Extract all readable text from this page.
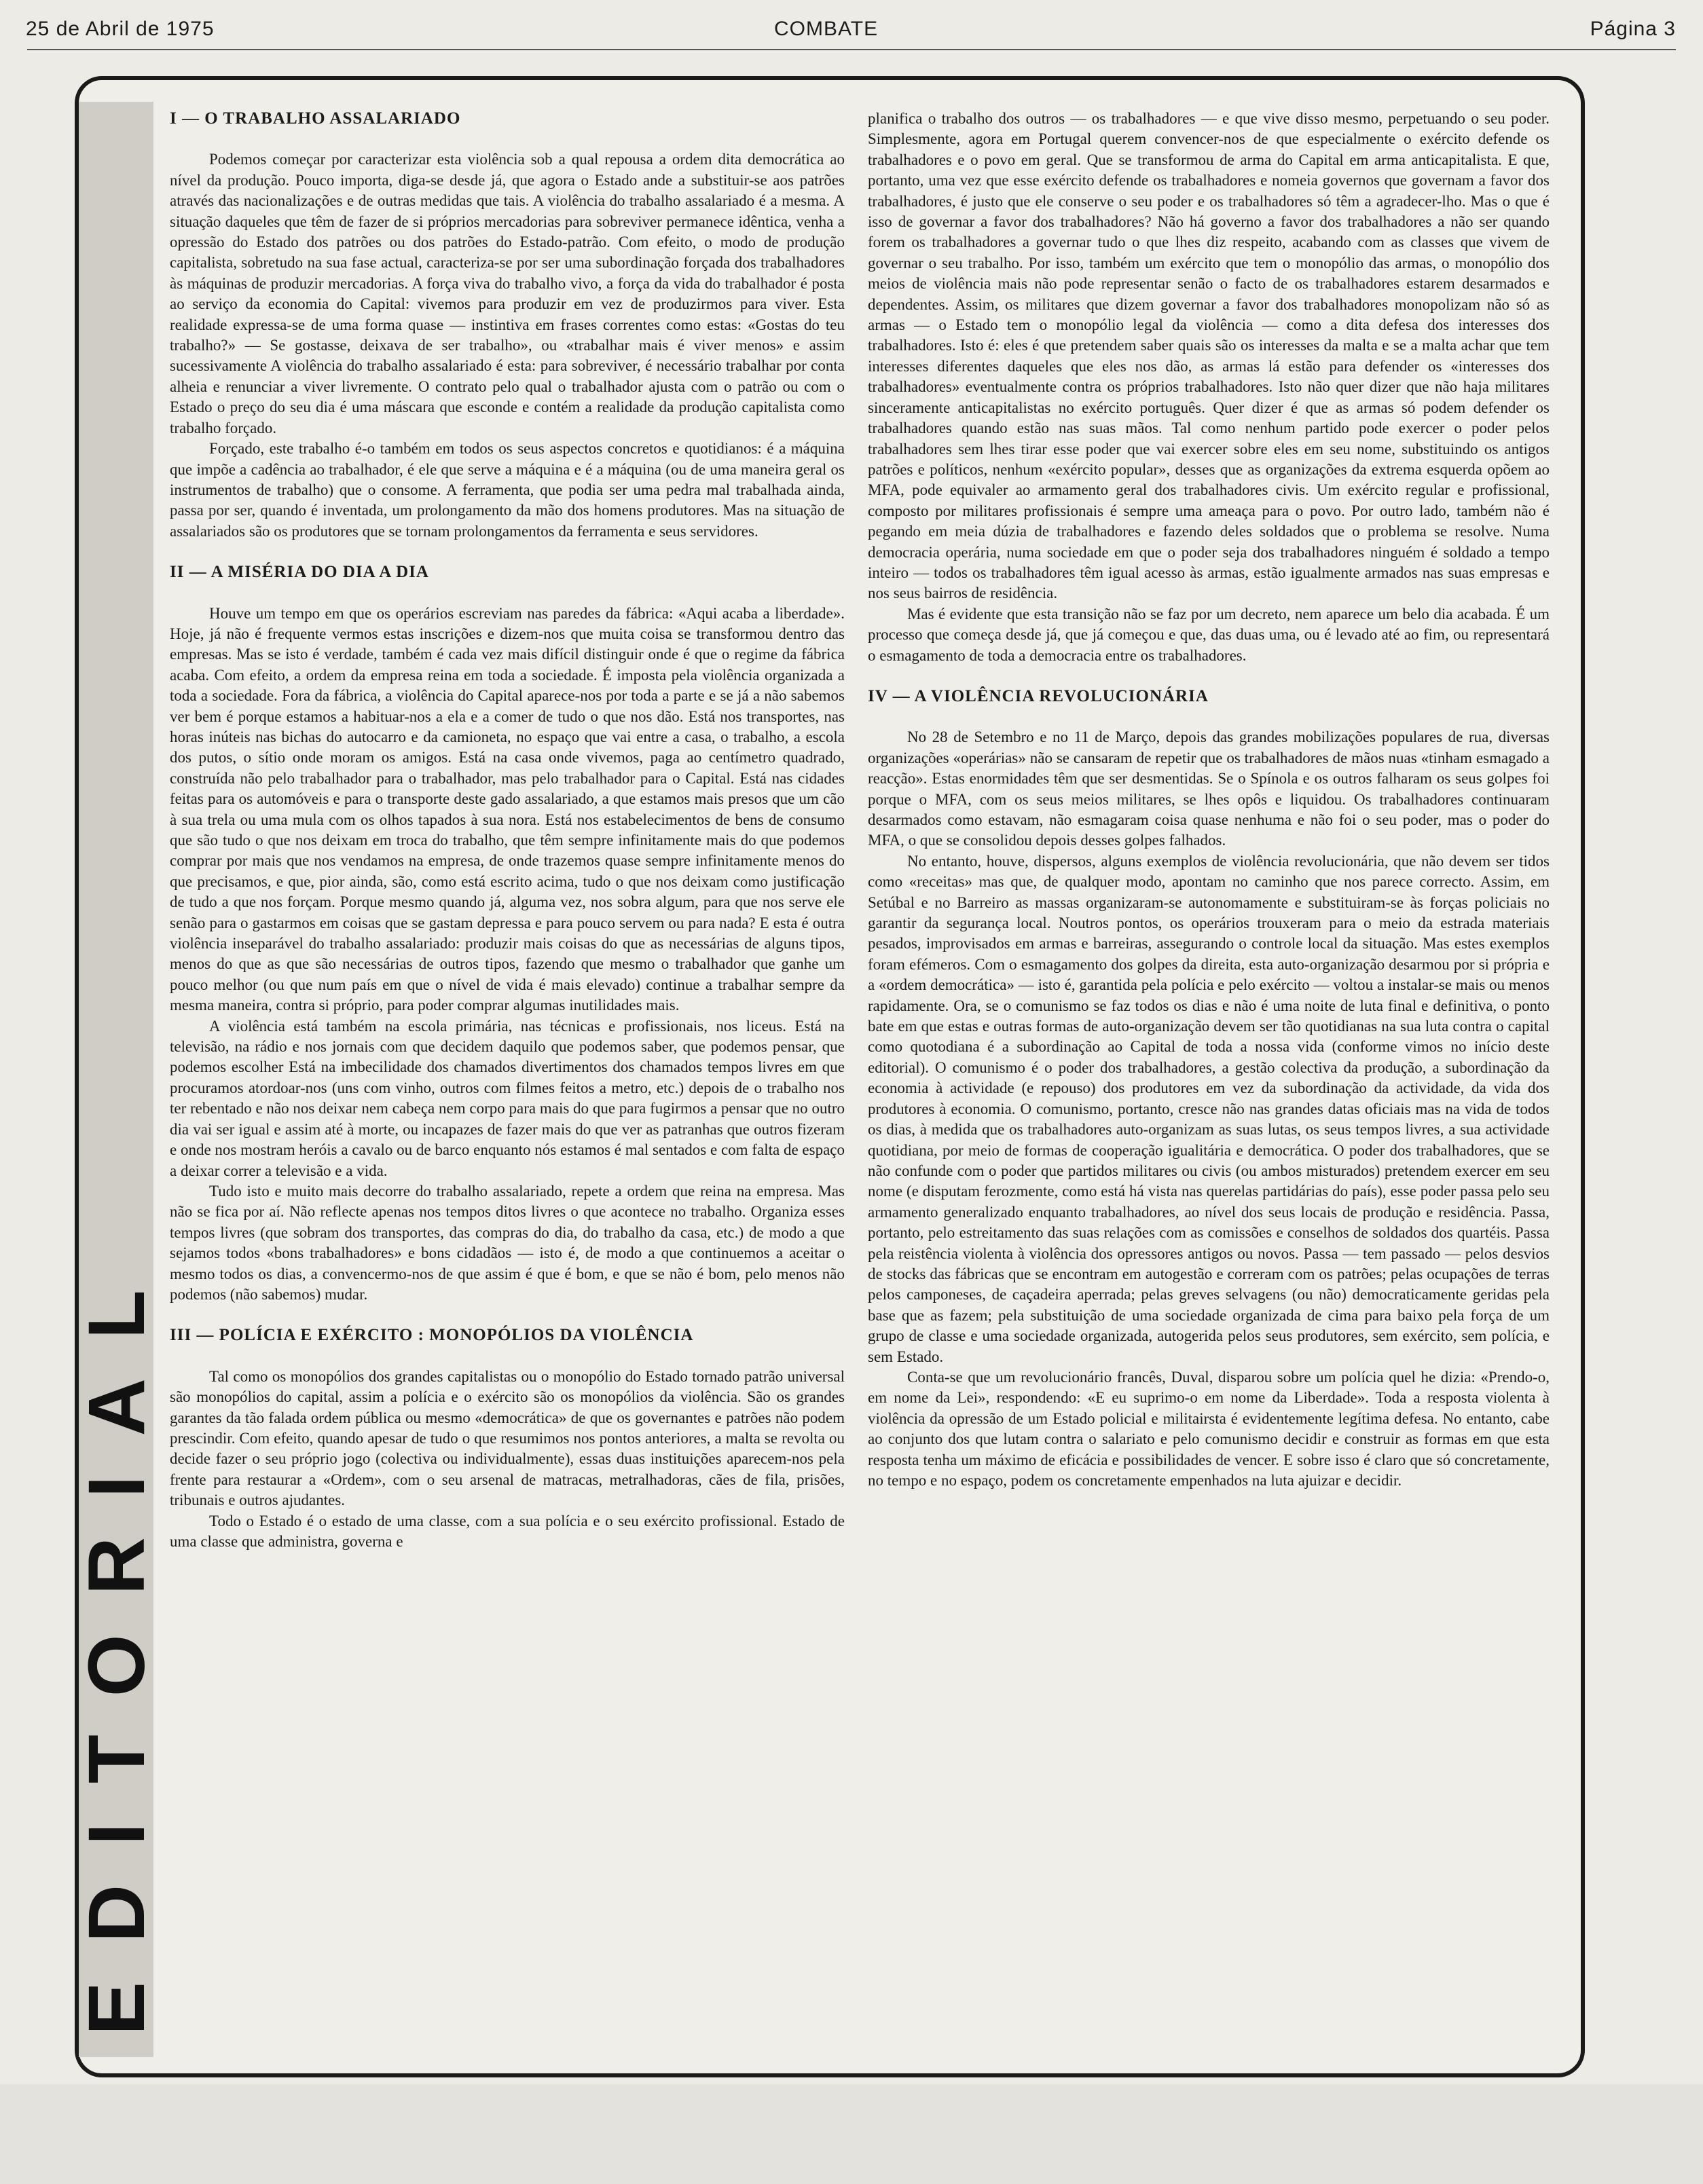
25 de Abril de 1975	COMBATE	Página 3
EDITORIAL

I — O TRABALHO ASSALARIADO

Podemos começar por caracterizar esta violência sob a qual repousa a ordem dita democrática ao nível da produção. Pouco importa, diga-se desde já, que agora o Estado ande a substituir-se aos patrões através das nacionalizações e de outras medidas que tais. A violência do trabalho assalariado é a mesma. A situação daqueles que têm de fazer de si próprios mercadorias para sobreviver permanece idêntica, venha a opressão do Estado dos patrões ou dos patrões do Estado-patrão. Com efeito, o modo de produção capitalista, sobretudo na sua fase actual, caracteriza-se por ser uma subordinação forçada dos trabalhadores às máquinas de produzir mercadorias. A força viva do trabalho vivo, a força da vida do trabalhador é posta ao serviço da economia do Capital: vivemos para produzir em vez de produzirmos para viver. Esta realidade expressa-se de uma forma quase — instintiva em frases correntes como estas: «Gostas do teu trabalho?» — Se gostasse, deixava de ser trabalho», ou «trabalhar mais é viver menos» e assim sucessivamente A violência do trabalho assalariado é esta: para sobreviver, é necessário trabalhar por conta alheia e renunciar a viver livremente. O contrato pelo qual o trabalhador ajusta com o patrão ou com o Estado o preço do seu dia é uma máscara que esconde e contém a realidade da produção capitalista como trabalho forçado.

Forçado, este trabalho é-o também em todos os seus aspectos concretos e quotidianos: é a máquina que impõe a cadência ao trabalhador, é ele que serve a máquina e é a máquina (ou de uma maneira geral os instrumentos de trabalho) que o consome. A ferramenta, que podia ser uma pedra mal trabalhada ainda, passa por ser, quando é inventada, um prolongamento da mão dos homens produtores. Mas na situação de assalariados são os produtores que se tornam prolongamentos da ferramenta e seus servidores.

II — A MISÉRIA DO DIA A DIA

Houve um tempo em que os operários escreviam nas paredes da fábrica: «Aqui acaba a liberdade». Hoje, já não é frequente vermos estas inscrições e dizem-nos que muita coisa se transformou dentro das empresas. Mas se isto é verdade, também é cada vez mais difícil distinguir onde é que o regime da fábrica acaba. Com efeito, a ordem da empresa reina em toda a sociedade. É imposta pela violência organizada a toda a sociedade. Fora da fábrica, a violência do Capital aparece-nos por toda a parte e se já a não sabemos ver bem é porque estamos a habituar-nos a ela e a comer de tudo o que nos dão. Está nos transportes, nas horas inúteis nas bichas do autocarro e da camioneta, no espaço que vai entre a casa, o trabalho, a escola dos putos, o sítio onde moram os amigos. Está na casa onde vivemos, paga ao centímetro quadrado, construída não pelo trabalhador para o trabalhador, mas pelo trabalhador para o Capital. Está nas cidades feitas para os automóveis e para o transporte deste gado assalariado, a que estamos mais presos que um cão à sua trela ou uma mula com os olhos tapados à sua nora. Está nos estabelecimentos de bens de consumo que são tudo o que nos deixam em troca do trabalho, que têm sempre infinitamente mais do que podemos comprar por mais que nos vendamos na empresa, de onde trazemos quase sempre infinitamente menos do que precisamos, e que, pior ainda, são, como está escrito acima, tudo o que nos deixam como justificação de tudo a que nos forçam. Porque mesmo quando já, alguma vez, nos sobra algum, para que nos serve ele senão para o gastarmos em coisas que se gastam depressa e para pouco servem ou para nada? E esta é outra violência inseparável do trabalho assalariado: produzir mais coisas do que as necessárias de alguns tipos, menos do que as que são necessárias de outros tipos, fazendo que mesmo o trabalhador que ganhe um pouco melhor (ou que num país em que o nível de vida é mais elevado) continue a trabalhar sempre da mesma maneira, contra si próprio, para poder comprar algumas inutilidades mais.

A violência está também na escola primária, nas técnicas e profissionais, nos liceus. Está na televisão, na rádio e nos jornais com que decidem daquilo que podemos saber, que podemos pensar, que podemos escolher Está na imbecilidade dos chamados divertimentos dos chamados tempos livres em que procuramos atordoar-nos (uns com vinho, outros com filmes feitos a metro, etc.) depois de o trabalho nos ter rebentado e não nos deixar nem cabeça nem corpo para mais do que para fugirmos a pensar que no outro dia vai ser igual e assim até à morte, ou incapazes de fazer mais do que ver as patranhas que outros fizeram e onde nos mostram heróis a cavalo ou de barco enquanto nós estamos é mal sentados e com falta de espaço a deixar correr a televisão e a vida.

Tudo isto e muito mais decorre do trabalho assalariado, repete a ordem que reina na empresa. Mas não se fica por aí. Não reflecte apenas nos tempos ditos livres o que acontece no trabalho. Organiza esses tempos livres (que sobram dos transportes, das compras do dia, do trabalho da casa, etc.) de modo a que sejamos todos «bons trabalhadores» e bons cidadãos — isto é, de modo a que continuemos a aceitar o mesmo todos os dias, a convencermo-nos de que assim é que é bom, e que se não é bom, pelo menos não podemos (não sabemos) mudar.

III — POLÍCIA E EXÉRCITO : MONOPÓLIOS DA VIOLÊNCIA

Tal como os monopólios dos grandes capitalistas ou o monopólio do Estado tornado patrão universal são monopólios do capital, assim a polícia e o exército são os monopólios da violência. São os grandes garantes da tão falada ordem pública ou mesmo «democrática» de que os governantes e patrões não podem prescindir. Com efeito, quando apesar de tudo o que resumimos nos pontos anteriores, a malta se revolta ou decide fazer o seu próprio jogo (colectiva ou individualmente), essas duas instituições aparecem-nos pela frente para restaurar a «Ordem», com o seu arsenal de matracas, metralhadoras, cães de fila, prisões, tribunais e outros ajudantes.

Todo o Estado é o estado de uma classe, com a sua polícia e o seu exército profissional. Estado de uma classe que administra, governa e

planifica o trabalho dos outros — os trabalhadores — e que vive disso mesmo, perpetuando o seu poder. Simplesmente, agora em Portugal querem convencer-nos de que especialmente o exército defende os trabalhadores e o povo em geral. Que se transformou de arma do Capital em arma anticapitalista. E que, portanto, uma vez que esse exército defende os trabalhadores e nomeia governos que governam a favor dos trabalhadores, é justo que ele conserve o seu poder e os trabalhadores só têm a agradecer-lho. Mas o que é isso de governar a favor dos trabalhadores? Não há governo a favor dos trabalhadores a não ser quando forem os trabalhadores a governar tudo o que lhes diz respeito, acabando com as classes que vivem de governar o seu trabalho. Por isso, também um exército que tem o monopólio das armas, o monopólio dos meios de violência mais não pode representar senão o facto de os trabalhadores estarem desarmados e dependentes. Assim, os militares que dizem governar a favor dos trabalhadores monopolizam não só as armas — o Estado tem o monopólio legal da violência — como a dita defesa dos interesses dos trabalhadores. Isto é: eles é que pretendem saber quais são os interesses da malta e se a malta achar que tem interesses diferentes daqueles que eles nos dão, as armas lá estão para defender os «interesses dos trabalhadores» eventualmente contra os próprios trabalhadores. Isto não quer dizer que não haja militares sinceramente anticapitalistas no exército português. Quer dizer é que as armas só podem defender os trabalhadores quando estão nas suas mãos. Tal como nenhum partido pode exercer o poder pelos trabalhadores sem lhes tirar esse poder que vai exercer sobre eles em seu nome, substituindo os antigos patrões e políticos, nenhum «exército popular», desses que as organizações da extrema esquerda opõem ao MFA, pode equivaler ao armamento geral dos trabalhadores civis. Um exército regular e profissional, composto por militares profissionais é sempre uma ameaça para o povo. Por outro lado, também não é pegando em meia dúzia de trabalhadores e fazendo deles soldados que o problema se resolve. Numa democracia operária, numa sociedade em que o poder seja dos trabalhadores ninguém é soldado a tempo inteiro — todos os trabalhadores têm igual acesso às armas, estão igualmente armados nas suas empresas e nos seus bairros de residência.

Mas é evidente que esta transição não se faz por um decreto, nem aparece um belo dia acabada. É um processo que começa desde já, que já começou e que, das duas uma, ou é levado até ao fim, ou representará o esmagamento de toda a democracia entre os trabalhadores.

IV — A VIOLÊNCIA REVOLUCIONÁRIA

No 28 de Setembro e no 11 de Março, depois das grandes mobilizações populares de rua, diversas organizações «operárias» não se cansaram de repetir que os trabalhadores de mãos nuas «tinham esmagado a reacção». Estas enormidades têm que ser desmentidas. Se o Spínola e os outros falharam os seus golpes foi porque o MFA, com os seus meios militares, se lhes opôs e liquidou. Os trabalhadores continuaram desarmados como estavam, não esmagaram coisa quase nenhuma e não foi o seu poder, mas o poder do MFA, o que se consolidou depois desses golpes falhados.

No entanto, houve, dispersos, alguns exemplos de violência revolucionária, que não devem ser tidos como «receitas» mas que, de qualquer modo, apontam no caminho que nos parece correcto. Assim, em Setúbal e no Barreiro as massas organizaram-se autonomamente e substituiram-se às forças policiais no garantir da segurança local. Noutros pontos, os operários trouxeram para o meio da estrada materiais pesados, improvisados em armas e barreiras, assegurando o controle local da situação. Mas estes exemplos foram efémeros. Com o esmagamento dos golpes da direita, esta auto-organização desarmou por si própria e a «ordem democrática» — isto é, garantida pela polícia e pelo exército — voltou a instalar-se mais ou menos rapidamente. Ora, se o comunismo se faz todos os dias e não é uma noite de luta final e definitiva, o ponto bate em que estas e outras formas de auto-organização devem ser tão quotidianas na sua luta contra o capital como quotodiana é a subordinação ao Capital de toda a nossa vida (conforme vimos no início deste editorial). O comunismo é o poder dos trabalhadores, a gestão colectiva da produção, a subordinação da economia à actividade (e repouso) dos produtores em vez da subordinação da actividade, da vida dos produtores à economia. O comunismo, portanto, cresce não nas grandes datas oficiais mas na vida de todos os dias, à medida que os trabalhadores auto-organizam as suas lutas, os seus tempos livres, a sua actividade quotidiana, por meio de formas de cooperação igualitária e democrática. O poder dos trabalhadores, que se não confunde com o poder que partidos militares ou civis (ou ambos misturados) pretendem exercer em seu nome (e disputam ferozmente, como está há vista nas querelas partidárias do país), esse poder passa pelo seu armamento generalizado enquanto trabalhadores, ao nível dos seus locais de produção e residência. Passa, portanto, pelo estreitamento das suas relações com as comissões e conselhos de soldados dos quartéis. Passa pela reistência violenta à violência dos opressores antigos ou novos. Passa — tem passado — pelos desvios de stocks das fábricas que se encontram em autogestão e correram com os patrões; pelas ocupações de terras pelos camponeses, de caçadeira aperrada; pelas greves selvagens (ou não) democraticamente geridas pela base que as fazem; pela substituição de uma sociedade organizada de cima para baixo pela força de um grupo de classe e uma sociedade organizada, autogerida pelos seus produtores, sem exército, sem polícia, e sem Estado.

Conta-se que um revolucionário francês, Duval, disparou sobre um polícia quel he dizia: «Prendo-o, em nome da Lei», respondendo: «E eu suprimo-o em nome da Liberdade». Toda a resposta violenta à violência da opressão de um Estado policial e militairsta é evidentemente legítima defesa. No entanto, cabe ao conjunto dos que lutam contra o salariato e pelo comunismo decidir e construir as formas em que esta resposta tenha um máximo de eficácia e possibilidades de vencer. E sobre isso é claro que só concretamente, no tempo e no espaço, podem os concretamente empenhados na luta ajuizar e decidir.
